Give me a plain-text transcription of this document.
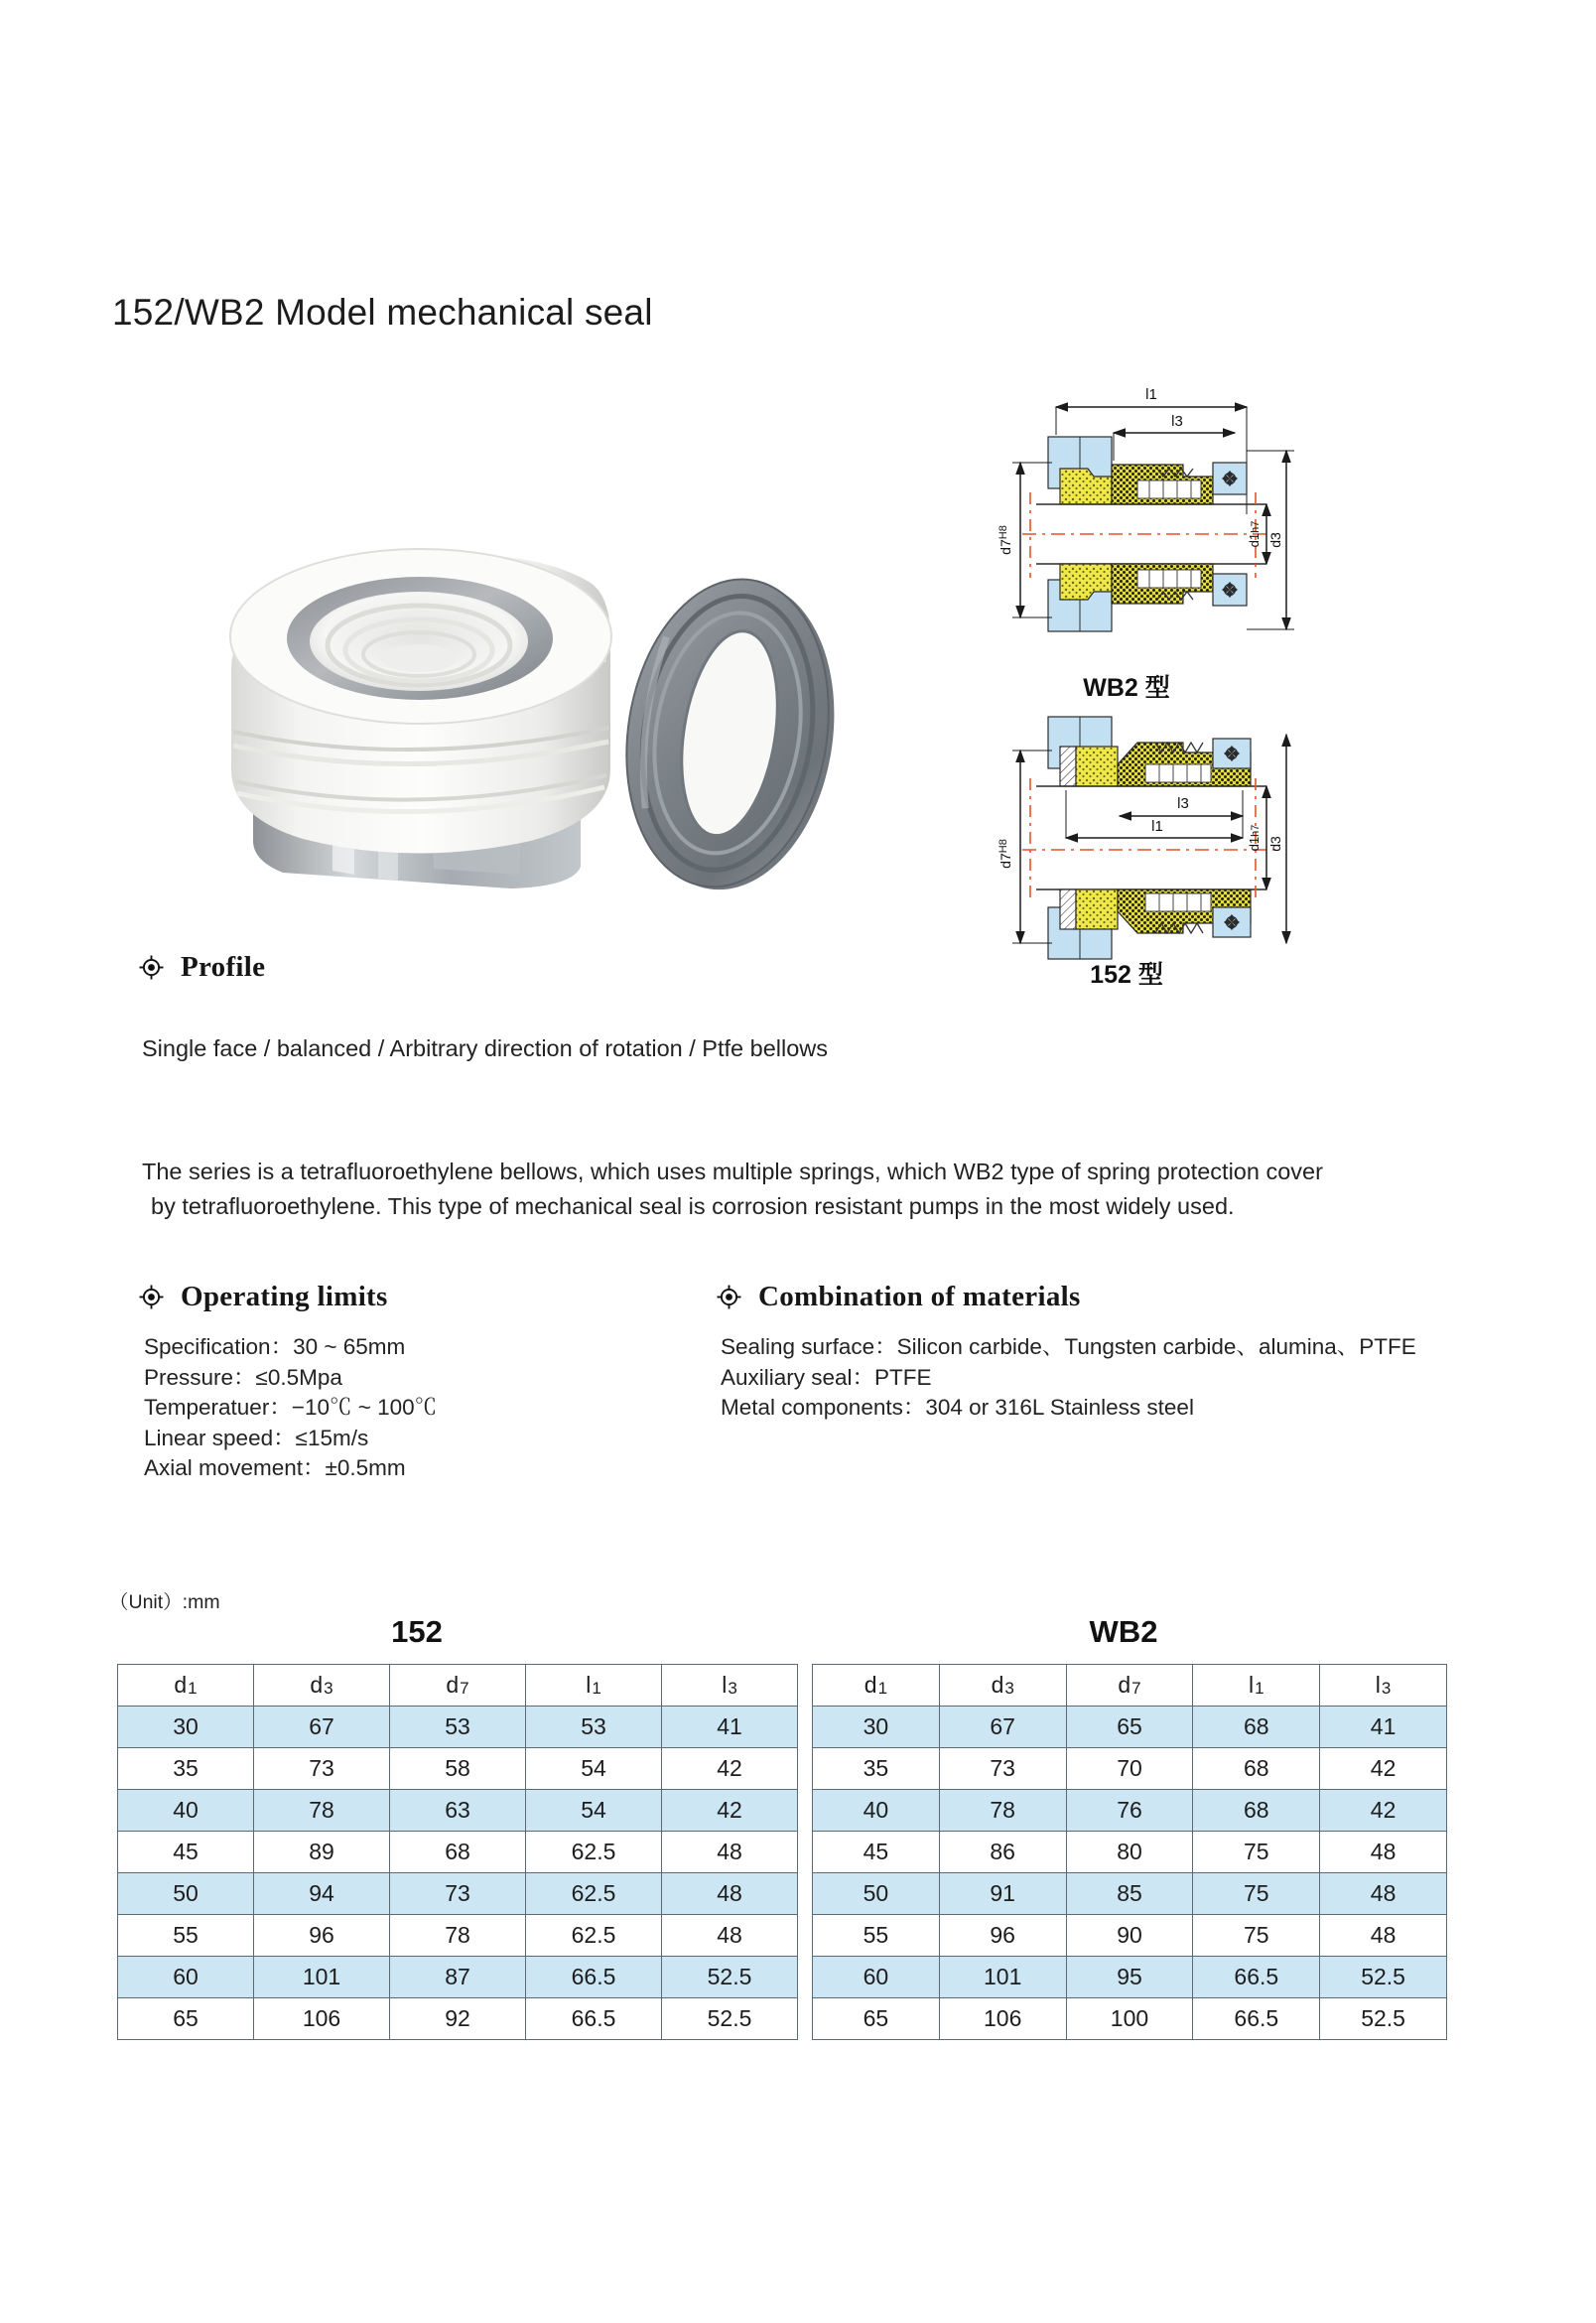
152/WB2 Model mechanical seal
l1
l3
$d7^{H8}$
d1h7
d3
WB2 型
l3
l1
$d7^{H8}$	d1h7
d3
152 型
Profile
Single face / balanced / Arbitrary direction of rotation / Ptfe bellows
The series is a tetrafluoroethylene bellows, which uses multiple springs, which WB2 type of spring protection cover
by tetrafluoroethylene. This type of mechanical seal is corrosion resistant pumps in the most widely used.
Operating limits
Specification：30 ~ 65mm
Pressure：≤0.5Mpa
Temperatuer：−10℃ ~ 100℃
Linear speed：≤15m/s
Axial movement：±0.5mm
Combination of materials
Sealing surface：Silicon carbide、Tungsten carbide、alumina、PTFE
Auxiliary seal：PTFE
Metal components：304 or 316L Stainless steel
（Unit）:mm
152	WB2
d1	d3	d7	l1	l3
30	67	53	53	41
35	73	58	54	42
40	78	63	54	42
45	89	68	62.5	48
50	94	73	62.5	48
55	96	78	62.5	48
60	101	87	66.5	52.5
65	106	92	66.5	52.5
d1	d3	d7	l1	l3
30	67	65	68	41
35	73	70	68	42
40	78	76	68	42
45	86	80	75	48
50	91	85	75	48
55	96	90	75	48
60	101	95	66.5	52.5
65	106	100	66.5	52.5
